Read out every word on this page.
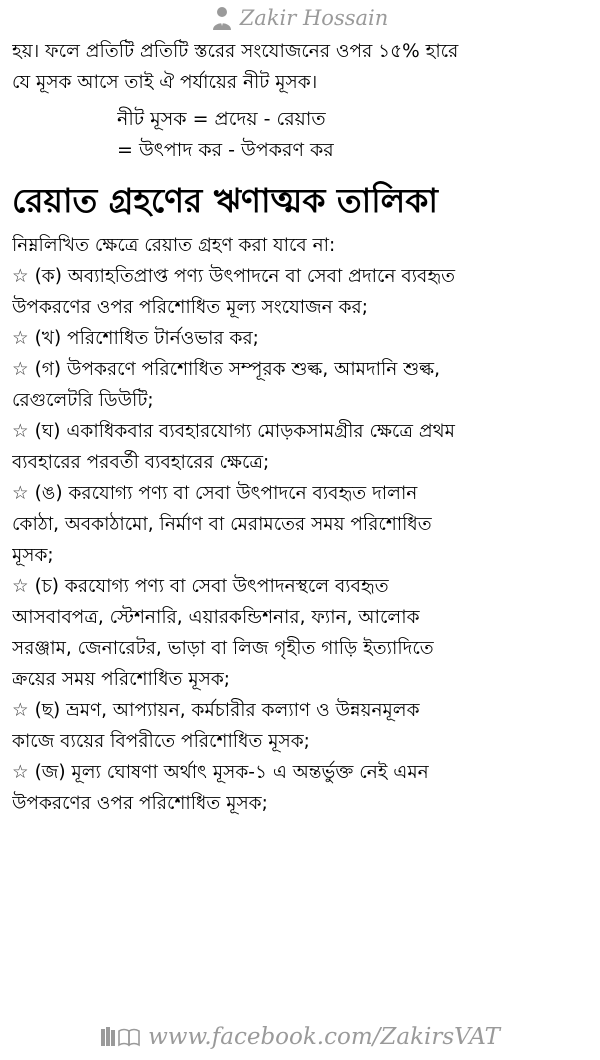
Zakir Hossain
হয়। ফলে প্রতিটি প্রতিটি স্তরের সংযোজনের ওপর ১৫% হারে
যে মূসক আসে তাই ঐ পর্যায়ের নীট মূসক।
নীট মূসক = প্রদেয় - রেয়াত
= উৎপাদ কর - উপকরণ কর
রেয়াত গ্রহণের ঋণাত্মক তালিকা
নিম্নলিখিত ক্ষেত্রে রেয়াত গ্রহণ করা যাবে না:
☆ (ক) অব্যাহতিপ্রাপ্ত পণ্য উৎপাদনে বা সেবা প্রদানে ব্যবহৃত
উপকরণের ওপর পরিশোধিত মূল্য সংযোজন কর;
☆ (খ) পরিশোধিত টার্নওভার কর;
☆ (গ) উপকরণে পরিশোধিত সম্পূরক শুল্ক, আমদানি শুল্ক,
রেগুলেটরি ডিউটি;
☆ (ঘ) একাধিকবার ব্যবহারযোগ্য মোড়কসামগ্রীর ক্ষেত্রে প্রথম
ব্যবহারের পরবর্তী ব্যবহারের ক্ষেত্রে;
☆ (ঙ) করযোগ্য পণ্য বা সেবা উৎপাদনে ব্যবহৃত দালান
কোঠা, অবকাঠামো, নির্মাণ বা মেরামতের সময় পরিশোধিত
মূসক;
☆ (চ) করযোগ্য পণ্য বা সেবা উৎপাদনস্থলে ব্যবহৃত
আসবাবপত্র, স্টেশনারি, এয়ারকন্ডিশনার, ফ্যান, আলোক
সরঞ্জাম, জেনারেটর, ভাড়া বা লিজ গৃহীত গাড়ি ইত্যাদিতে
ক্রয়ের সময় পরিশোধিত মূসক;
☆ (ছ) ভ্রমণ, আপ্যায়ন, কর্মচারীর কল্যাণ ও উন্নয়নমূলক
কাজে ব্যয়ের বিপরীতে পরিশোধিত মূসক;
☆ (জ) মূল্য ঘোষণা অর্থাৎ মূসক-১ এ অন্তর্ভুক্ত নেই এমন
উপকরণের ওপর পরিশোধিত মূসক;
www.facebook.com/ZakirsVAT
